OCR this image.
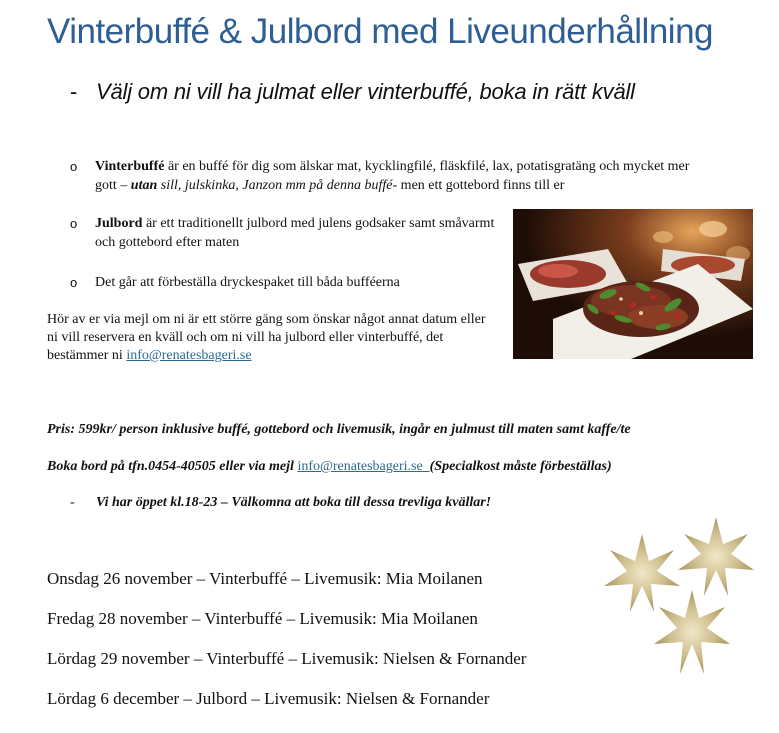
Vinterbuffé & Julbord med Liveunderhållning
- Välj om ni vill ha julmat eller vinterbuffé, boka in rätt kväll
o Vinterbuffé är en buffé för dig som älskar mat, kycklingfilé, fläskfilé, lax, potatisgratäng och mycket mer gott – utan sill, julskinka, Janzon mm på denna buffé- men ett gottebord finns till er
o Julbord är ett traditionellt julbord med julens godsaker samt småvarmt och gottebord efter maten
o Det går att förbeställa dryckespaket till båda bufféerna
Hör av er via mejl om ni är ett större gäng som önskar något annat datum eller ni vill reservera en kväll och om ni vill ha julbord eller vinterbuffé, det bestämmer ni info@renatesbageri.se
Pris: 599kr/ person inklusive buffé, gottebord och livemusik, ingår en julmust till maten samt kaffe/te
Boka bord på tfn.0454-40505 eller via mejl info@renatesbageri.se (Specialkost måste förbeställas)
- Vi har öppet kl.18-23 – Välkomna att boka till dessa trevliga kvällar!
Onsdag 26 november – Vinterbuffé – Livemusik: Mia Moilanen
Fredag 28 november – Vinterbuffé – Livemusik: Mia Moilanen
Lördag 29 november – Vinterbuffé – Livemusik: Nielsen & Fornander
Lördag 6 december – Julbord – Livemusik: Nielsen & Fornander
